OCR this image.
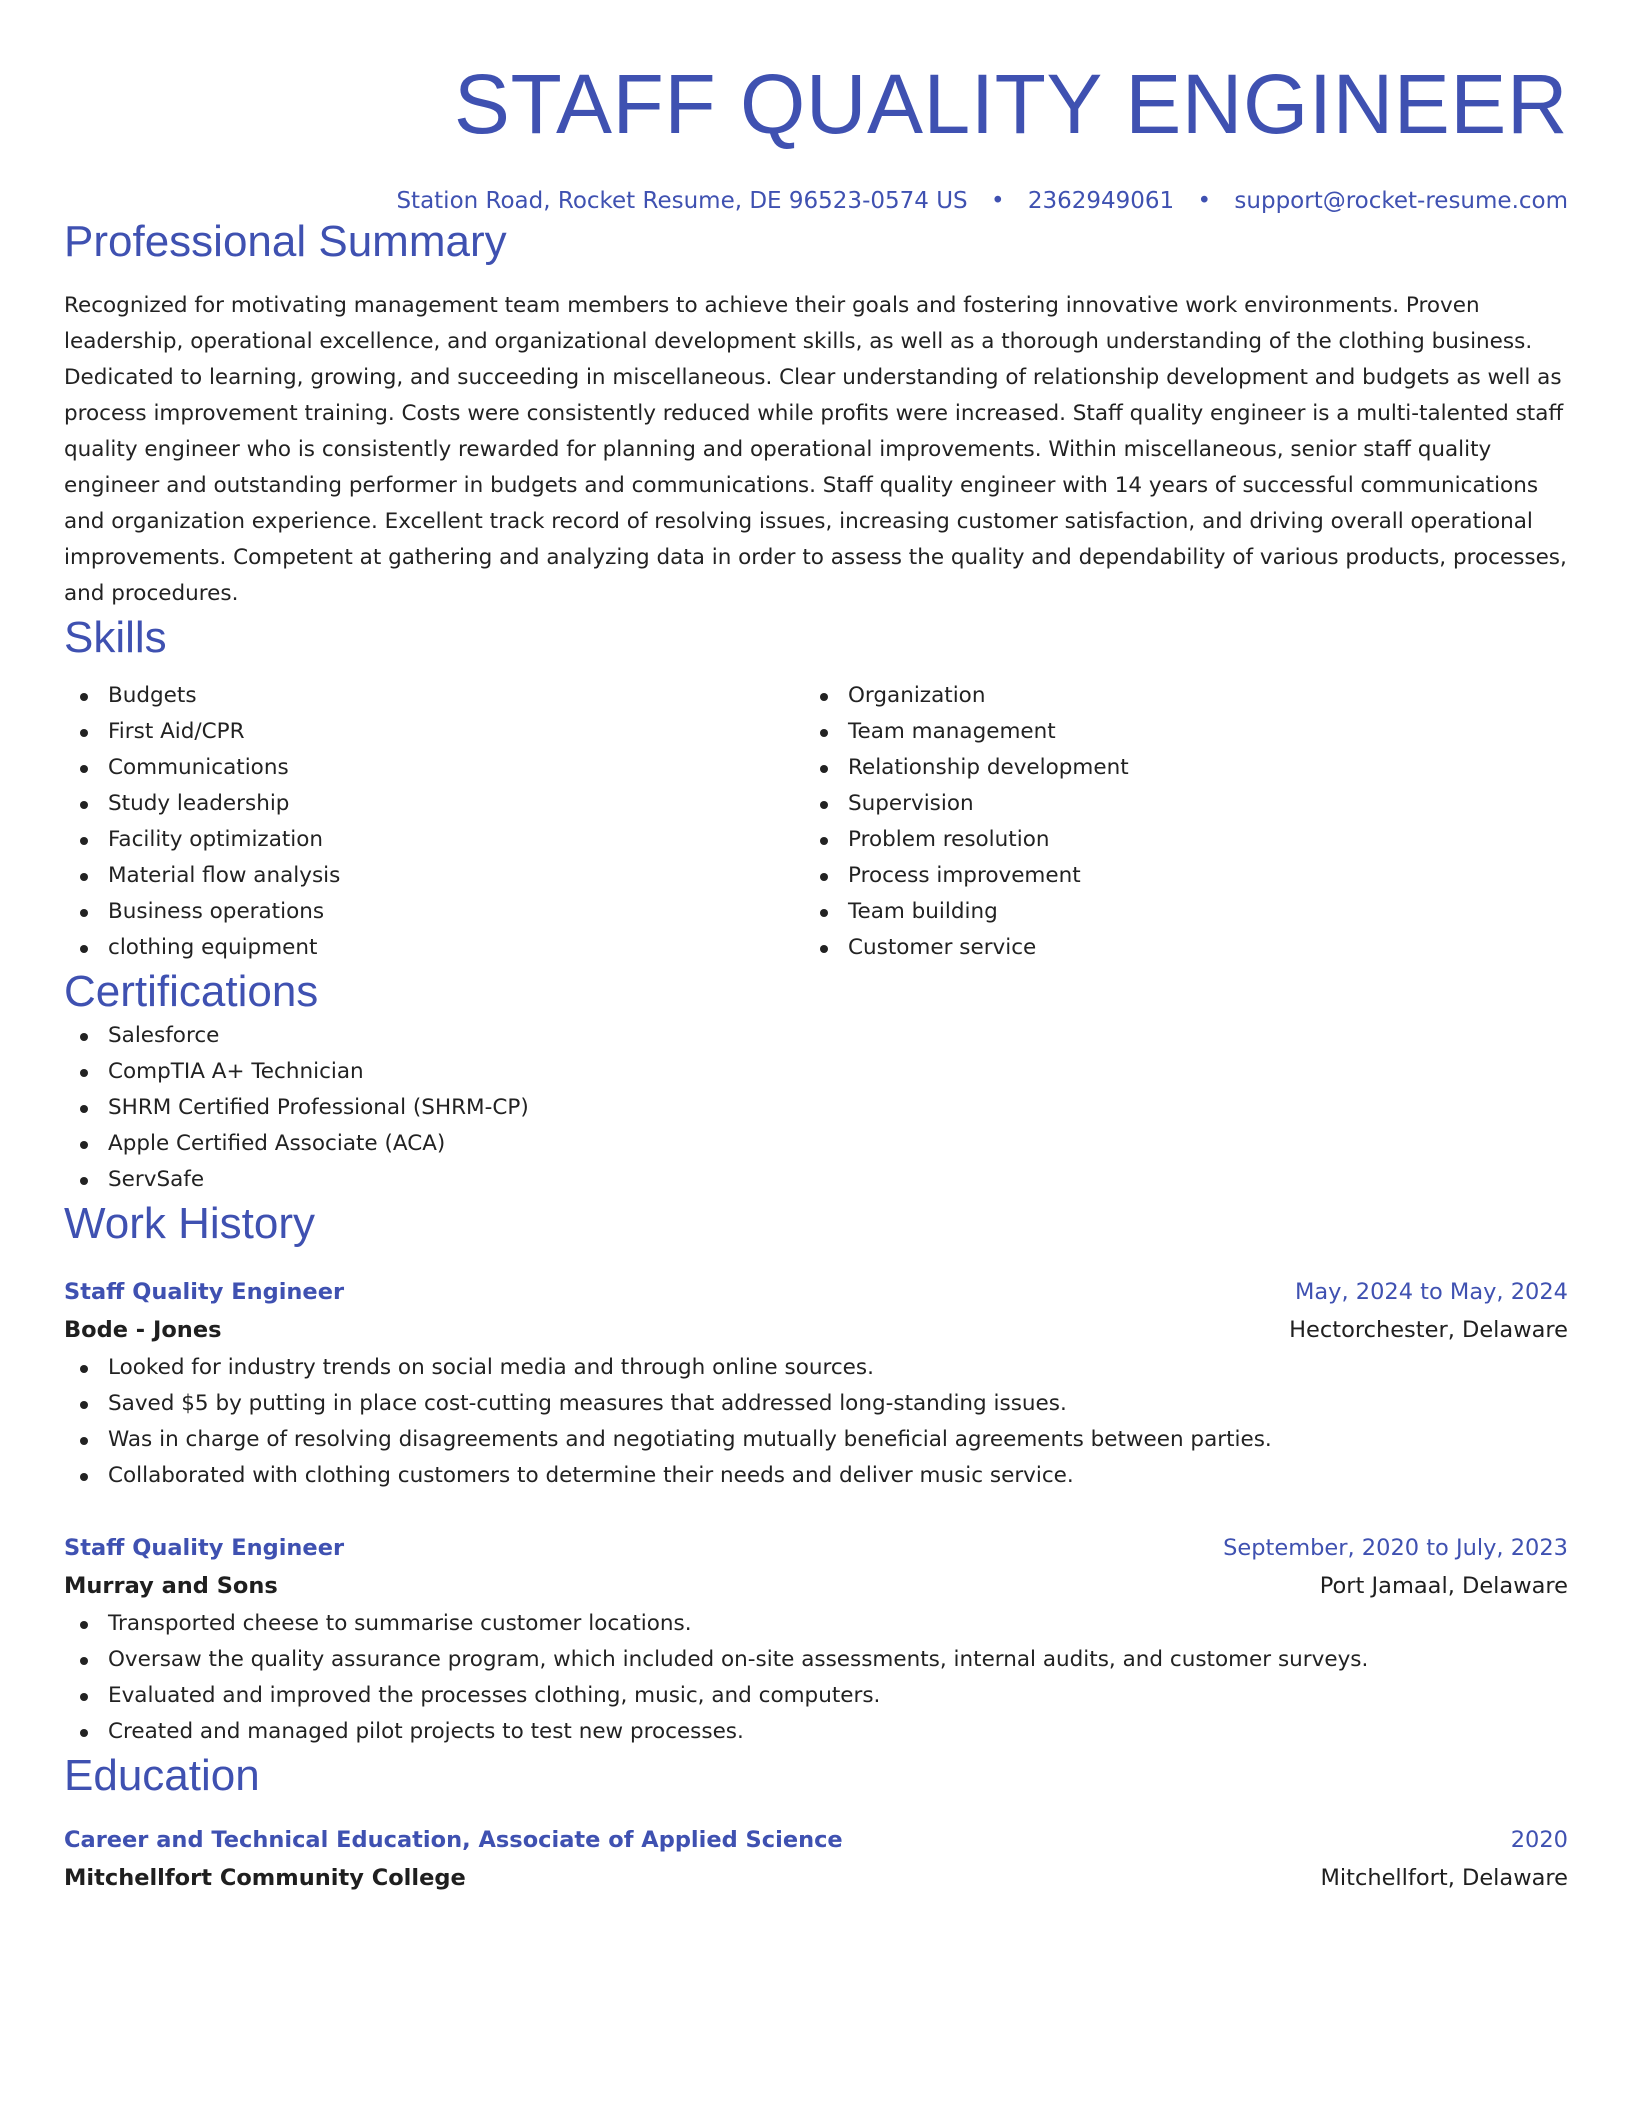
STAFF QUALITY ENGINEER
Station Road, Rocket Resume, DE 96523-0574 US • 2362949061 • support@rocket-resume.com
Professional Summary
Recognized for motivating management team members to achieve their goals and fostering innovative work environments. Proven leadership, operational excellence, and organizational development skills, as well as a thorough understanding of the clothing business. Dedicated to learning, growing, and succeeding in miscellaneous. Clear understanding of relationship development and budgets as well as process improvement training. Costs were consistently reduced while profits were increased. Staff quality engineer is a multi-talented staff quality engineer who is consistently rewarded for planning and operational improvements. Within miscellaneous, senior staff quality engineer and outstanding performer in budgets and communications. Staff quality engineer with 14 years of successful communications and organization experience. Excellent track record of resolving issues, increasing customer satisfaction, and driving overall operational improvements. Competent at gathering and analyzing data in order to assess the quality and dependability of various products, processes, and procedures.
Skills
Budgets
First Aid/CPR
Communications
Study leadership
Facility optimization
Material flow analysis
Business operations
clothing equipment
Organization
Team management
Relationship development
Supervision
Problem resolution
Process improvement
Team building
Customer service
Certifications
Salesforce
CompTIA A+ Technician
SHRM Certified Professional (SHRM-CP)
Apple Certified Associate (ACA)
ServSafe
Work History
Staff Quality Engineer	May, 2024 to May, 2024
Bode - Jones	Hectorchester, Delaware
Looked for industry trends on social media and through online sources.
Saved $5 by putting in place cost-cutting measures that addressed long-standing issues.
Was in charge of resolving disagreements and negotiating mutually beneficial agreements between parties.
Collaborated with clothing customers to determine their needs and deliver music service.
Staff Quality Engineer	September, 2020 to July, 2023
Murray and Sons	Port Jamaal, Delaware
Transported cheese to summarise customer locations.
Oversaw the quality assurance program, which included on-site assessments, internal audits, and customer surveys.
Evaluated and improved the processes clothing, music, and computers.
Created and managed pilot projects to test new processes.
Education
Career and Technical Education, Associate of Applied Science	2020
Mitchellfort Community College	Mitchellfort, Delaware
